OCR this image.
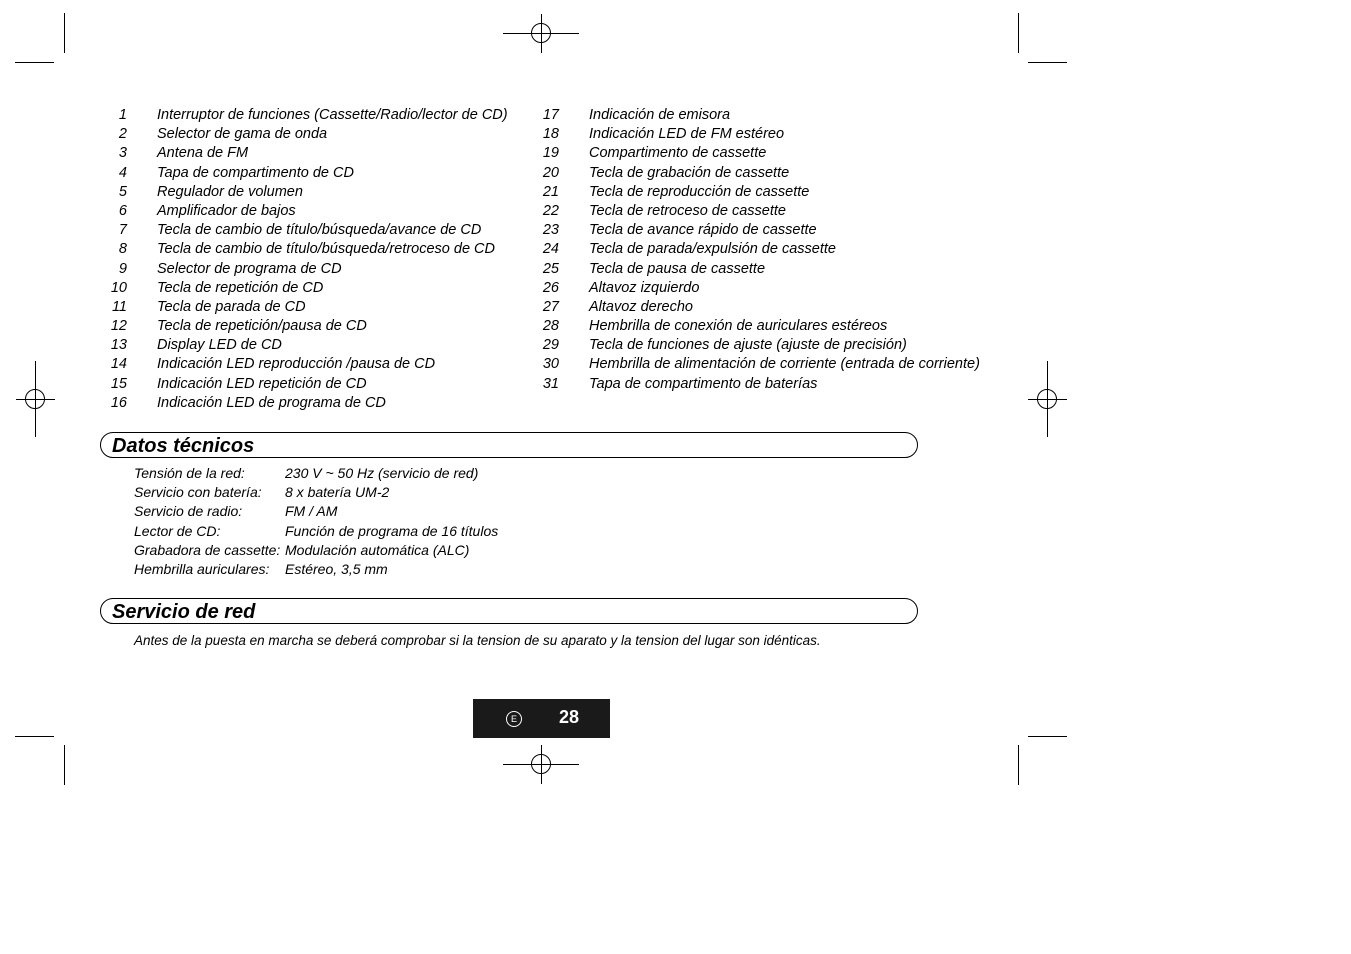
1 Interruptor de funciones (Cassette/Radio/lector de CD)
2 Selector de gama de onda
3 Antena de FM
4 Tapa de compartimento de CD
5 Regulador de volumen
6 Amplificador de bajos
7 Tecla de cambio de título/búsqueda/avance de CD
8 Tecla de cambio de título/búsqueda/retroceso de CD
9 Selector de programa de CD
10 Tecla de repetición de CD
11 Tecla de parada de CD
12 Tecla de repetición/pausa de CD
13 Display LED de CD
14 Indicación LED reproducción /pausa de CD
15 Indicación LED repetición de CD
16 Indicación LED de programa de CD
17 Indicación de emisora
18 Indicación LED de FM estéreo
19 Compartimento de cassette
20 Tecla de grabación de cassette
21 Tecla de reproducción de cassette
22 Tecla de retroceso de cassette
23 Tecla de avance rápido de cassette
24 Tecla de parada/expulsión de cassette
25 Tecla de pausa de cassette
26 Altavoz izquierdo
27 Altavoz derecho
28 Hembrilla de conexión de auriculares estéreos
29 Tecla de funciones de ajuste (ajuste de precisión)
30 Hembrilla de alimentación de corriente (entrada de corriente)
31 Tapa de compartimento de baterías
Datos técnicos
Tensión de la red:	230 V ~ 50 Hz (servicio de red)
Servicio con batería: 8 x batería UM-2
Servicio de radio:	FM / AM
Lector de CD:	Función de programa de 16 títulos
Grabadora de cassette: Modulación automática (ALC)
Hembrilla auriculares: Estéreo, 3,5 mm
Servicio de red
Antes de la puesta en marcha se deberá comprobar si la tension de su aparato y la tension del lugar son idénticas.
E 28
